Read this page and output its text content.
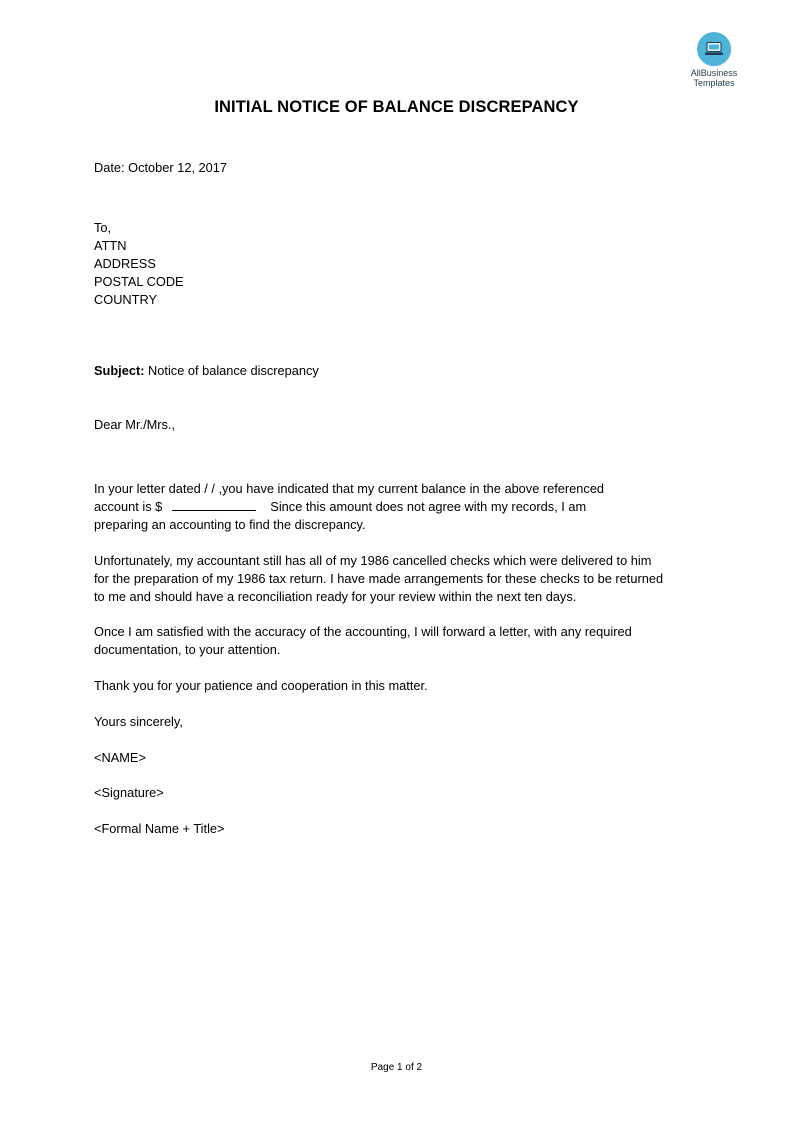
AllBusiness
Templates
INITIAL NOTICE OF BALANCE DISCREPANCY
Date: October 12, 2017
To,
ATTN
ADDRESS
POSTAL CODE
COUNTRY
Subject: Notice of balance discrepancy
Dear Mr./Mrs.,
In your letter dated / / ,you have indicated that my current balance in the above referenced
account is $	Since this amount does not agree with my records, I am
preparing an accounting to find the discrepancy.
Unfortunately, my accountant still has all of my 1986 cancelled checks which were delivered to him
for the preparation of my 1986 tax return. I have made arrangements for these checks to be returned
to me and should have a reconciliation ready for your review within the next ten days.
Once I am satisfied with the accuracy of the accounting, I will forward a letter, with any required
documentation, to your attention.
Thank you for your patience and cooperation in this matter.
Yours sincerely,
<NAME>
<Signature>
<Formal Name + Title>
Page 1 of 2
